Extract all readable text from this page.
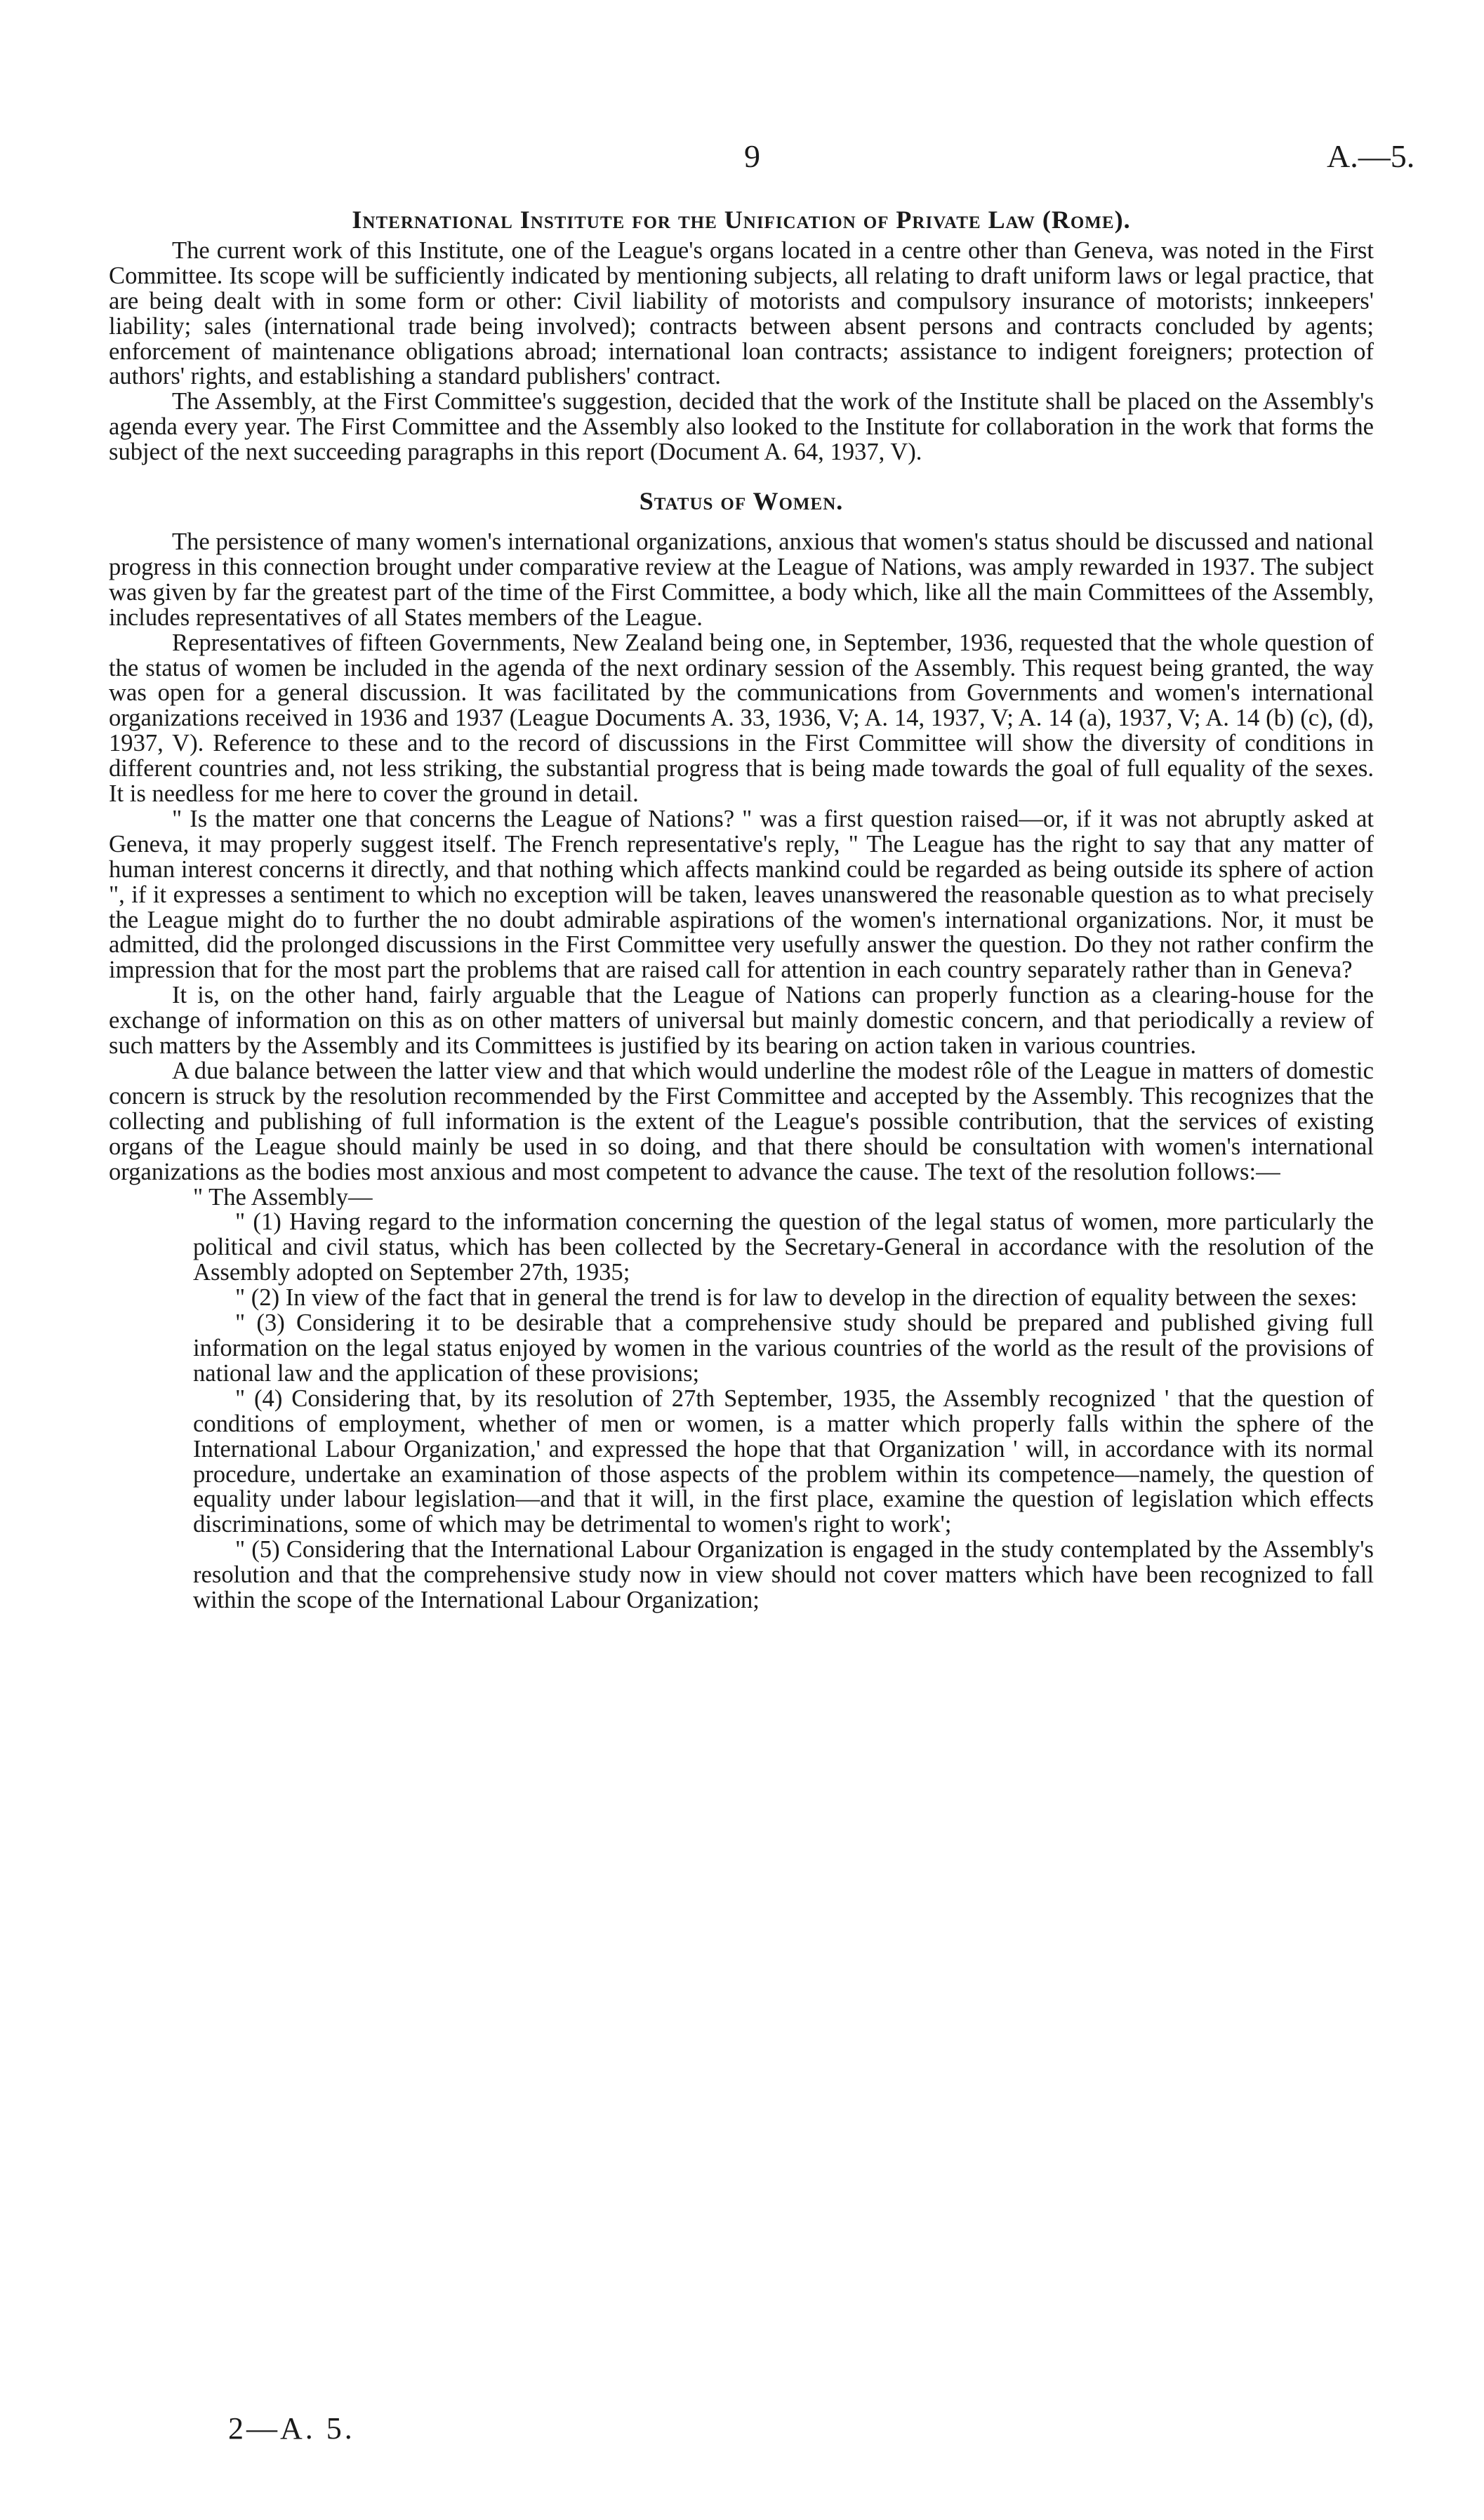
9	A.—5.
International Institute for the Unification of Private Law (Rome).

The current work of this Institute, one of the League's organs located in a centre other than Geneva, was noted in the First Committee. Its scope will be sufficiently indicated by mentioning subjects, all relating to draft uniform laws or legal practice, that are being dealt with in some form or other: Civil liability of motorists and compulsory insurance of motorists; innkeepers' liability; sales (international trade being involved); contracts between absent persons and contracts concluded by agents; enforcement of maintenance obligations abroad; international loan contracts; assistance to indigent foreigners; protection of authors' rights, and establishing a standard publishers' contract.

The Assembly, at the First Committee's suggestion, decided that the work of the Institute shall be placed on the Assembly's agenda every year. The First Committee and the Assembly also looked to the Institute for collaboration in the work that forms the subject of the next succeeding paragraphs in this report (Document A. 64, 1937, V).

Status of Women.

The persistence of many women's international organizations, anxious that women's status should be discussed and national progress in this connection brought under comparative review at the League of Nations, was amply rewarded in 1937. The subject was given by far the greatest part of the time of the First Committee, a body which, like all the main Committees of the Assembly, includes representatives of all States members of the League.

Representatives of fifteen Governments, New Zealand being one, in September, 1936, requested that the whole question of the status of women be included in the agenda of the next ordinary session of the Assembly. This request being granted, the way was open for a general discussion. It was facilitated by the communications from Governments and women's international organizations received in 1936 and 1937 (League Documents A. 33, 1936, V; A. 14, 1937, V; A. 14 (a), 1937, V; A. 14 (b) (c), (d), 1937, V). Reference to these and to the record of discussions in the First Committee will show the diversity of conditions in different countries and, not less striking, the substantial progress that is being made towards the goal of full equality of the sexes. It is needless for me here to cover the ground in detail.

" Is the matter one that concerns the League of Nations? " was a first question raised—or, if it was not abruptly asked at Geneva, it may properly suggest itself. The French representative's reply, " The League has the right to say that any matter of human interest concerns it directly, and that nothing which affects mankind could be regarded as being outside its sphere of action ", if it expresses a sentiment to which no exception will be taken, leaves unanswered the reasonable question as to what precisely the League might do to further the no doubt admirable aspirations of the women's international organizations. Nor, it must be admitted, did the prolonged discussions in the First Committee very usefully answer the question. Do they not rather confirm the impression that for the most part the problems that are raised call for attention in each country separately rather than in Geneva?

It is, on the other hand, fairly arguable that the League of Nations can properly function as a clearing-house for the exchange of information on this as on other matters of universal but mainly domestic concern, and that periodically a review of such matters by the Assembly and its Committees is justified by its bearing on action taken in various countries.

A due balance between the latter view and that which would underline the modest rôle of the League in matters of domestic concern is struck by the resolution recommended by the First Committee and accepted by the Assembly. This recognizes that the collecting and publishing of full information is the extent of the League's possible contribution, that the services of existing organs of the League should mainly be used in so doing, and that there should be consultation with women's international organizations as the bodies most anxious and most competent to advance the cause. The text of the resolution follows:—

" The Assembly—

" (1) Having regard to the information concerning the question of the legal status of women, more particularly the political and civil status, which has been collected by the Secretary-General in accordance with the resolution of the Assembly adopted on September 27th, 1935;

" (2) In view of the fact that in general the trend is for law to develop in the direction of equality between the sexes:

" (3) Considering it to be desirable that a comprehensive study should be prepared and published giving full information on the legal status enjoyed by women in the various countries of the world as the result of the provisions of national law and the application of these provisions;

" (4) Considering that, by its resolution of 27th September, 1935, the Assembly recognized ' that the question of conditions of employment, whether of men or women, is a matter which properly falls within the sphere of the International Labour Organization,' and expressed the hope that that Organization ' will, in accordance with its normal procedure, undertake an examination of those aspects of the problem within its competence—namely, the question of equality under labour legislation—and that it will, in the first place, examine the question of legislation which effects discriminations, some of which may be detrimental to women's right to work';

" (5) Considering that the International Labour Organization is engaged in the study contemplated by the Assembly's resolution and that the comprehensive study now in view should not cover matters which have been recognized to fall within the scope of the International Labour Organization;

2—A. 5.
